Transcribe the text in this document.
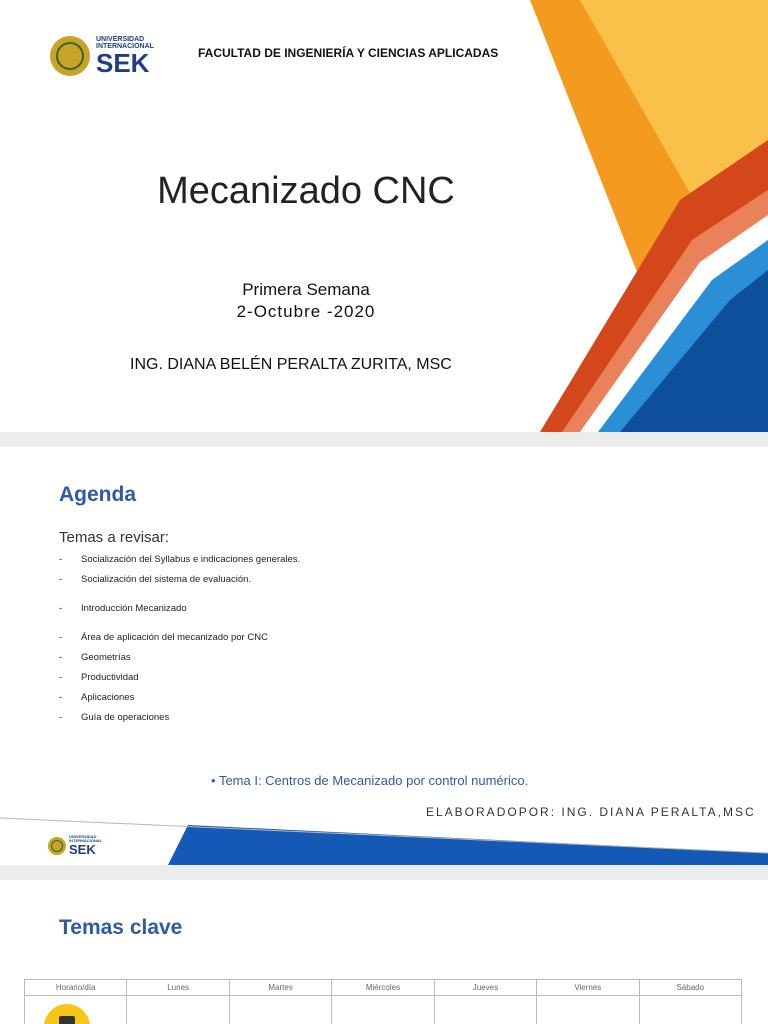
UNIVERSIDAD
INTERNACIONAL
SEK	FACULTAD DE INGENIERÍA Y CIENCIAS APLICADAS
Mecanizado CNC
Primera Semana
2-Octubre -2020
ING. DIANA BELÉN PERALTA ZURITA, MSC
Agenda
Temas a revisar:
- Socialización del Syllabus e indicaciones generales.
- Socialización del sistema de evaluación.
- Introducción Mecanizado
- Área de aplicación del mecanizado por CNC
- Geometrías
- Productividad
- Aplicaciones
- Guía de operaciones
• Tema I: Centros de Mecanizado por control numérico.
ELABORADOPOR: ING. DIANA PERALTA,MSC
UNIVERSIDAD
INTERNACIONAL
SEK
Temas clave
Horario/día	Lunes	Martes	Miércoles	Jueves	Viernes	Sábado
